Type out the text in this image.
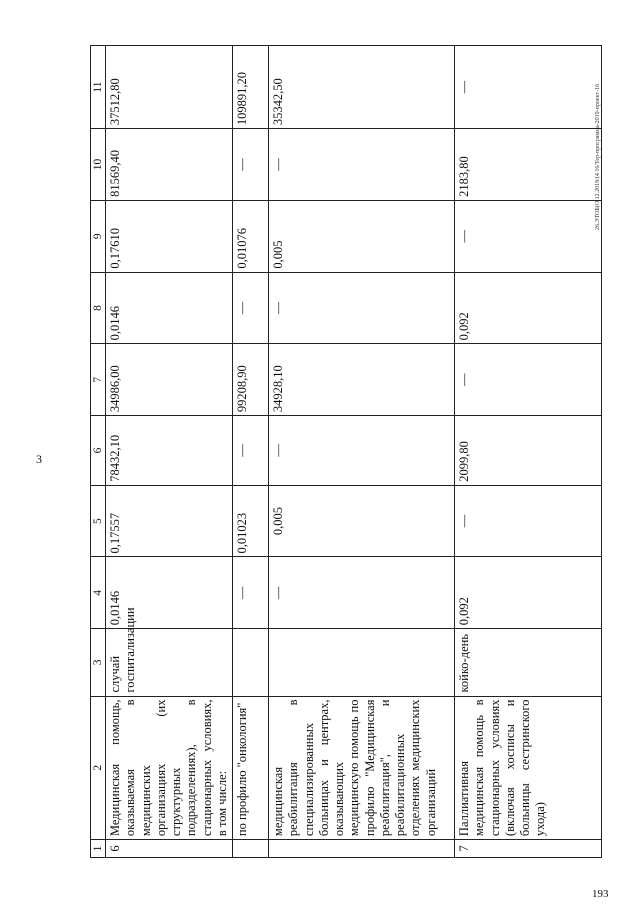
3
26.ЭТОБ(О 12.2018/(4 16/Тер-программа-2019-проект-16
193
1	2	3	4	5	6	7	8	9	10	11
6	Медицинская помощь, оказываемая в медицинских организациях (их структурных подразделениях), в стационарных условиях, в том числе:	случай госпитализации	0,0146	0,17557	78432,10	34986,00	0,0146	0,17610	81569,40	37512,80
	по профилю "онкология"		—	0,01023	—	99208,90	—	0,01076	—	109891,20
	медицинская реабилитация в специализированных больницах и центрах, оказывающих медицинскую помощь по профилю "Медицинская реабилитация", и реабилитационных отделениях медицинских организаций		—	0,005	—	34928,10	—	0,005	—	35342,50
7	Паллиативная медицинская помощь в стационарных условиях (включая хосписы и больницы сестринского ухода)	койко-день	0,092	—	2099,80	—	0,092	—	2183,80	—
